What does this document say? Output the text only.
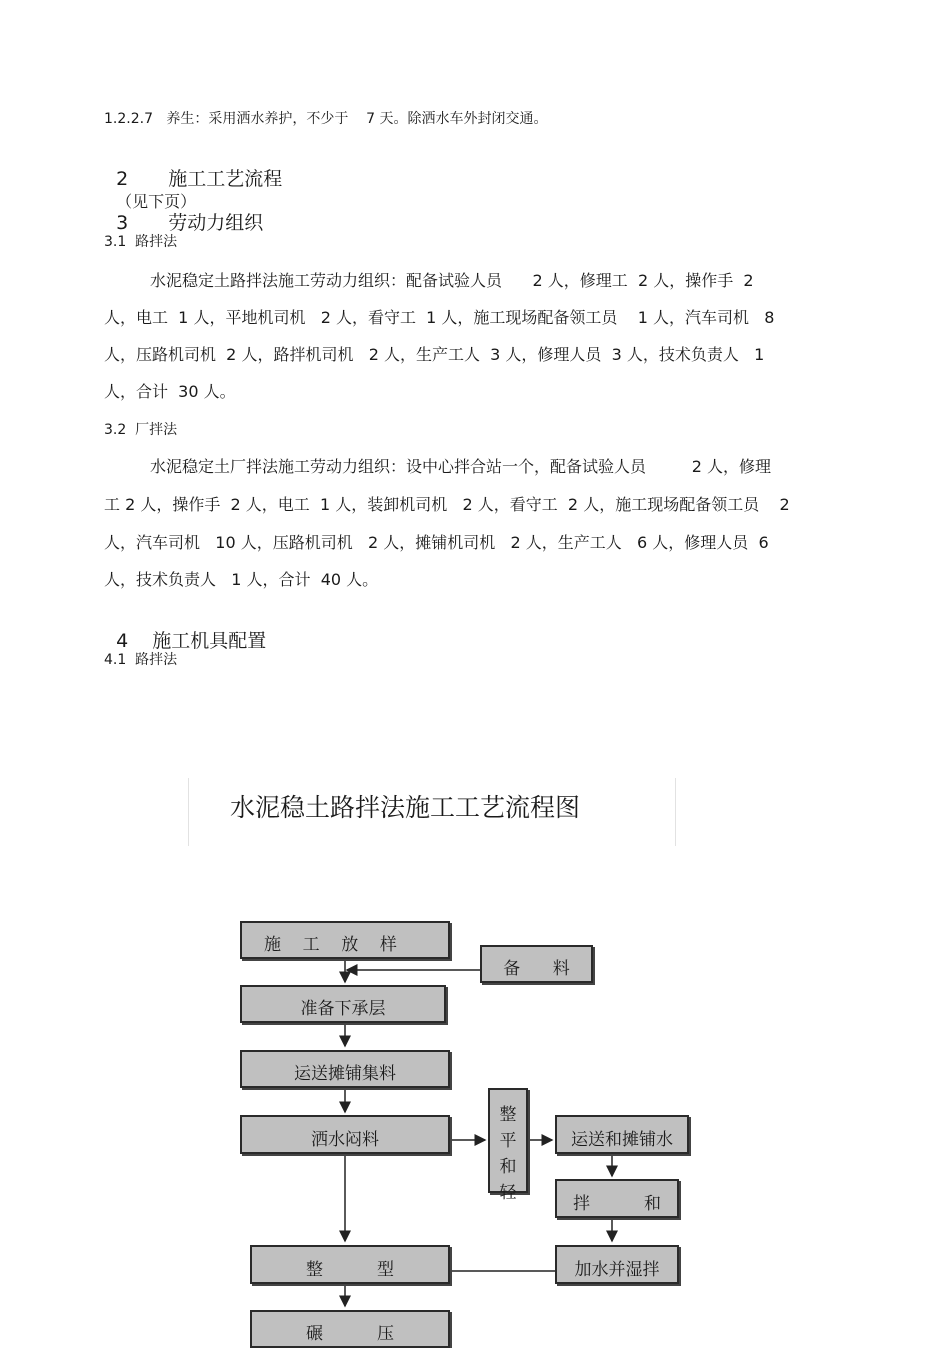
1.2.2.7   养生：采用洒水养护，不少于    7 天。除洒水车外封闭交通。

2 施工工艺流程
（见下页）

3 劳动力组织

3.1  路拌法
水泥稳定土路拌法施工劳动力组织：配备试验人员      2 人，修理工  2 人，操作手  2
人，电工  1 人，平地机司机   2 人，看守工  1 人，施工现场配备领工员    1 人，汽车司机   8
人，压路机司机  2 人，路拌机司机   2 人，生产工人  3 人，修理人员  3 人，技术负责人   1
人，合计  30 人。
3.2  厂拌法
水泥稳定土厂拌法施工劳动力组织：设中心拌合站一个，配备试验人员         2 人，修理
工 2 人，操作手  2 人，电工  1 人，装卸机司机   2 人，看守工  2 人，施工现场配备领工员    2
人，汽车司机   10 人，压路机司机   2 人，摊铺机司机   2 人，生产工人   6 人，修理人员  6
人，技术负责人   1 人，合计  40 人。

4 施工机具配置

4.1  路拌法
水泥稳土路拌法施工工艺流程图
施    工    放    样
备      料
准备下承层
运送摊铺集料
洒水闷料
整
平
和
轻
运送和摊铺水
拌          和
整          型	加水并湿拌
碾          压
